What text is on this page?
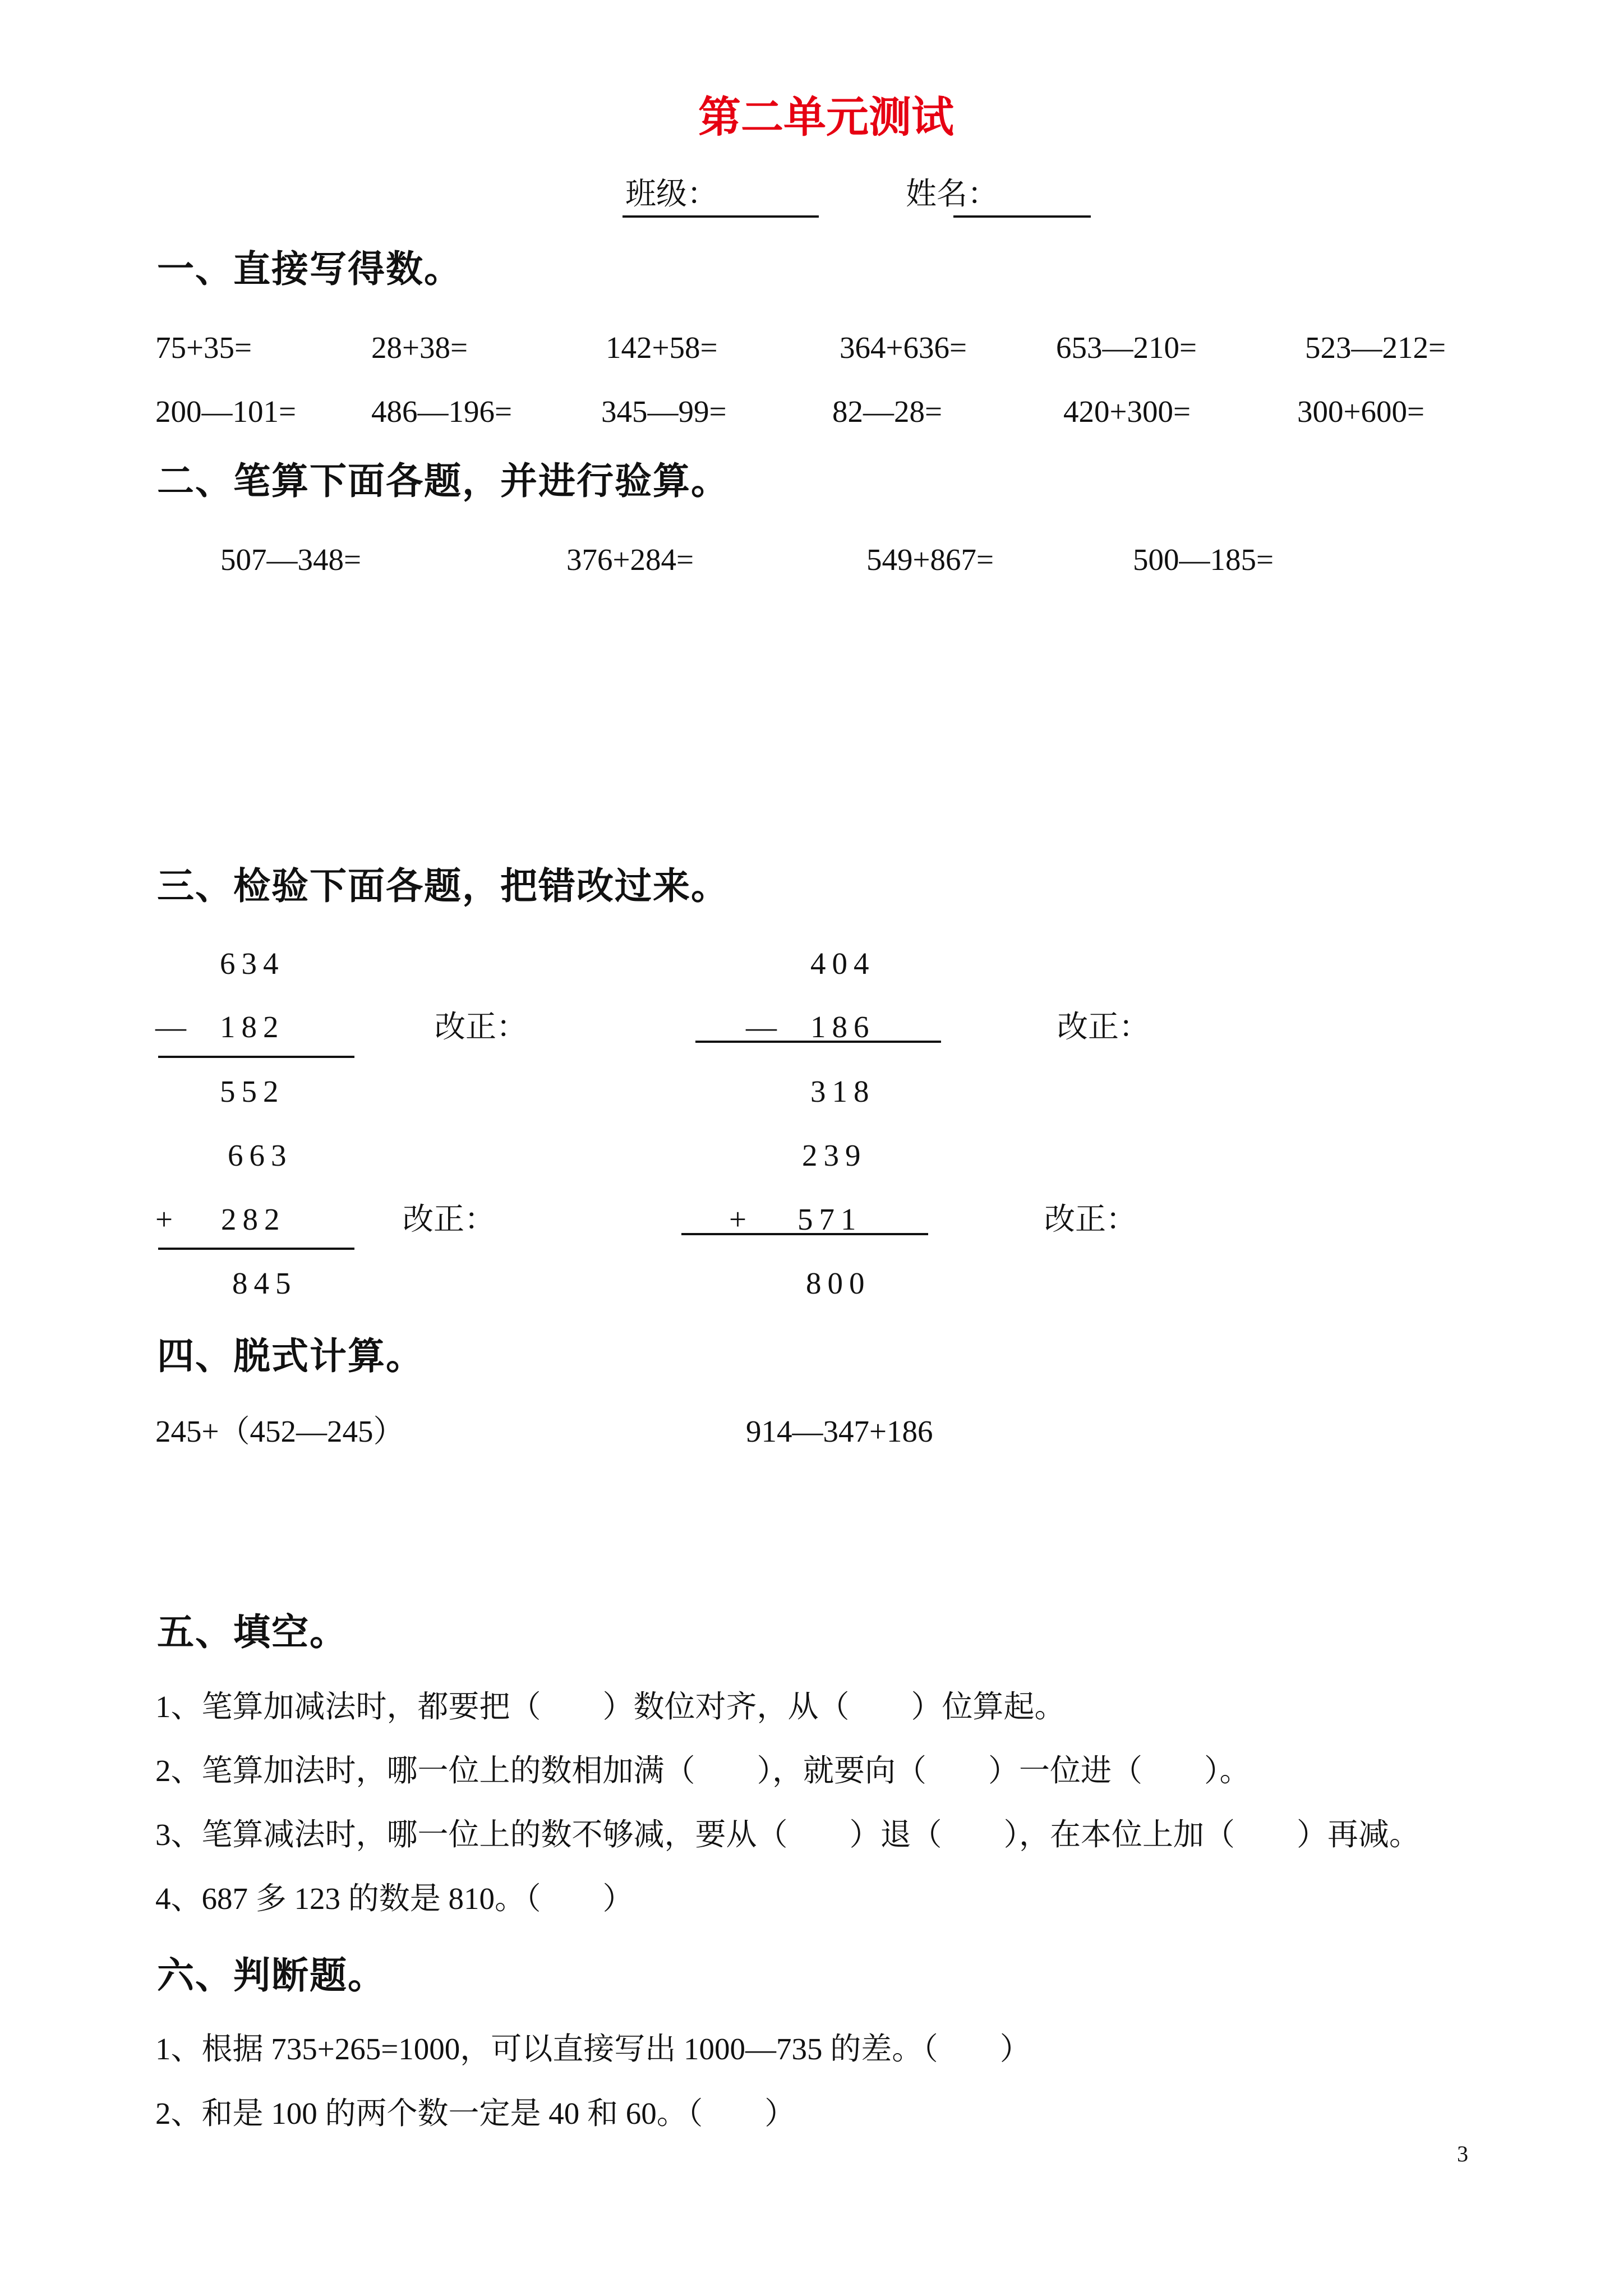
第二单元测试
班级：	姓名：
一、直接写得数。
75+35=	28+38=	142+58=	364+636=	653—210=	523—212=
200—101= 486—196=	345—99=	82—28=	420+300=	300+600=
二、笔算下面各题，并进行验算。
507—348=	376+284=	549+867=	500—185=
三、检验下面各题，把错改过来。
634
— 182
552
改正：
404
— 186
318
改正：
663
+ 282
845
改正：
239
+ 571
800
改正：
四、脱式计算。
245+（452—245）	914—347+186
五、填空。
1、笔算加减法时，都要把（　　）数位对齐，从（　　）位算起。
2、笔算加法时，哪一位上的数相加满（　　），就要向（　　）一位进（　　）。
3、笔算减法时，哪一位上的数不够减，要从（　　）退（　　），在本位上加（　　）再减。
4、687 多 123 的数是 810。（　　）
六、判断题。
1、根据 735+265=1000，可以直接写出 1000—735 的差。（　　）
2、和是 100 的两个数一定是 40 和 60。（　　）
3
